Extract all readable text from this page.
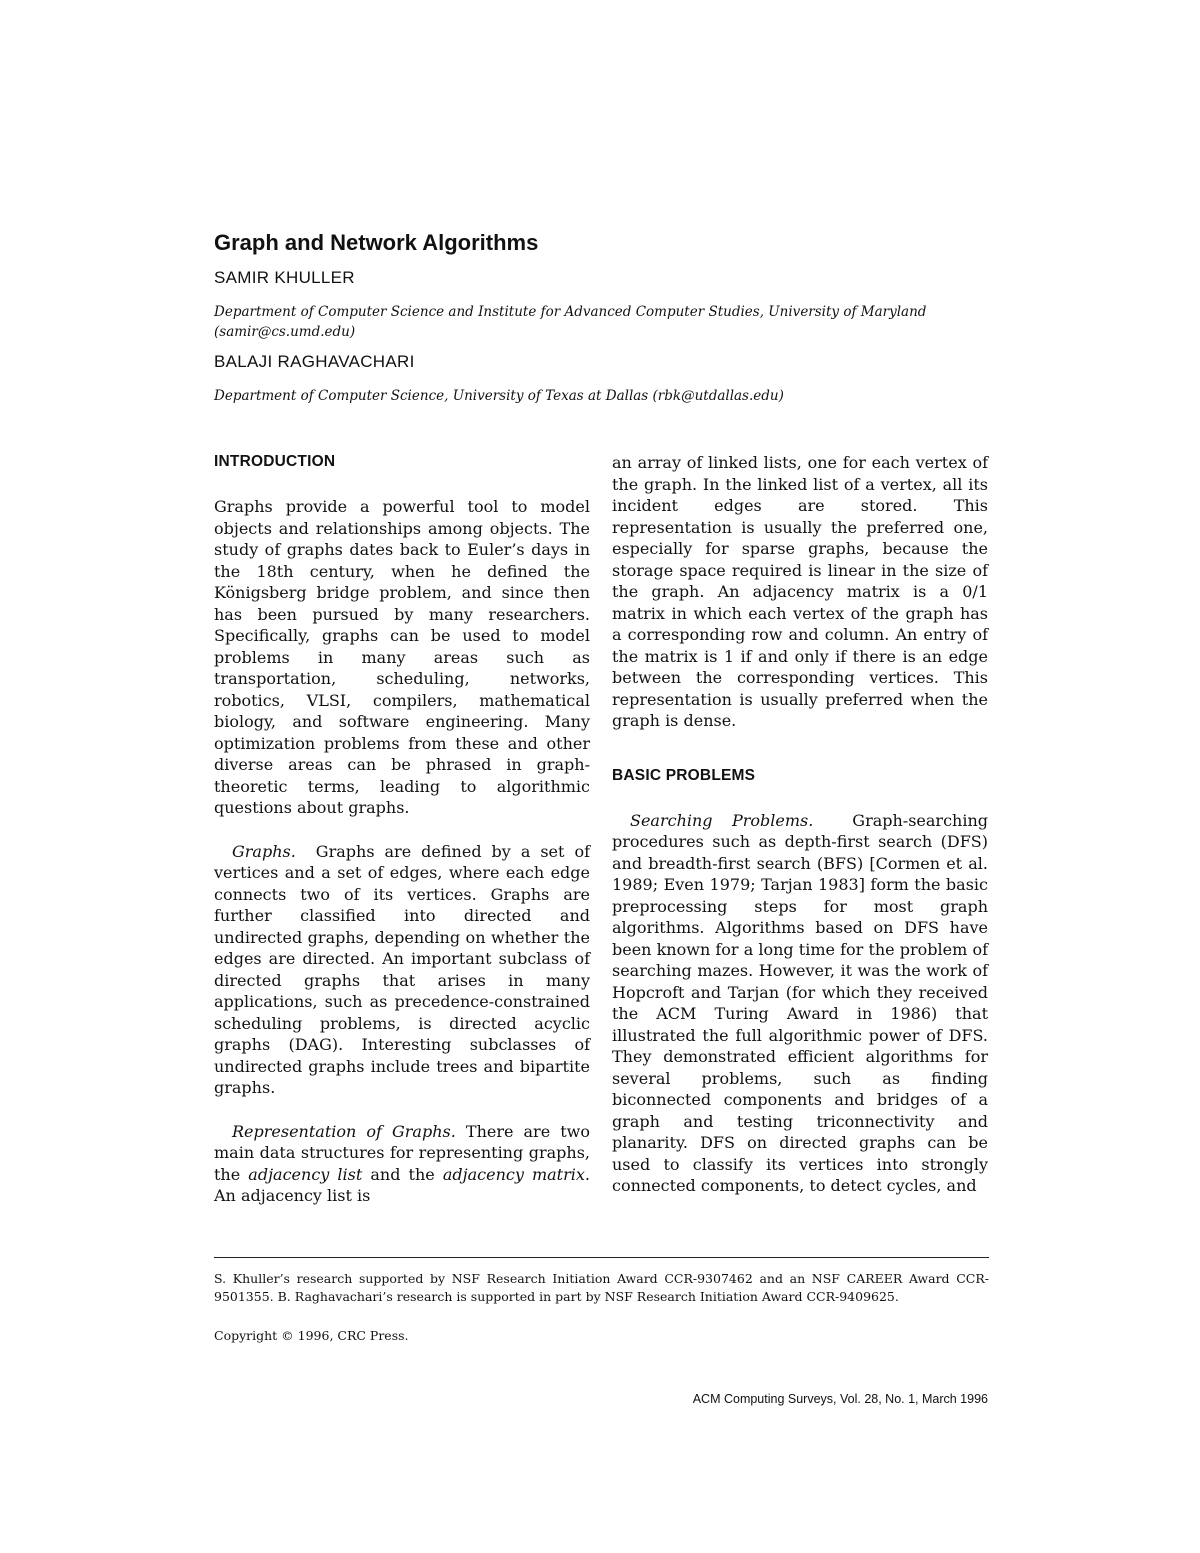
Graph and Network Algorithms

SAMIR KHULLER

Department of Computer Science and Institute for Advanced Computer Studies, University of Maryland (samir@cs.umd.edu)

BALAJI RAGHAVACHARI

Department of Computer Science, University of Texas at Dallas (rbk@utdallas.edu)

INTRODUCTION

Graphs provide a powerful tool to model objects and relationships among objects. The study of graphs dates back to Euler’s days in the 18th century, when he defined the Königsberg bridge problem, and since then has been pursued by many researchers. Specifically, graphs can be used to model problems in many areas such as transportation, scheduling, networks, robotics, VLSI, compilers, mathematical biology, and software engineering. Many optimization problems from these and other diverse areas can be phrased in graph-theoretic terms, leading to algorithmic questions about graphs.

Graphs. Graphs are defined by a set of vertices and a set of edges, where each edge connects two of its vertices. Graphs are further classified into directed and undirected graphs, depending on whether the edges are directed. An important subclass of directed graphs that arises in many applications, such as precedence-constrained scheduling problems, is directed acyclic graphs (DAG). Interesting subclasses of undirected graphs include trees and bipartite graphs.

Representation of Graphs. There are two main data structures for representing graphs, the adjacency list and the adjacency matrix. An adjacency list is

an array of linked lists, one for each vertex of the graph. In the linked list of a vertex, all its incident edges are stored. This representation is usually the preferred one, especially for sparse graphs, because the storage space required is linear in the size of the graph. An adjacency matrix is a 0/1 matrix in which each vertex of the graph has a corresponding row and column. An entry of the matrix is 1 if and only if there is an edge between the corresponding vertices. This representation is usually preferred when the graph is dense.

BASIC PROBLEMS

Searching Problems. Graph-searching procedures such as depth-first search (DFS) and breadth-first search (BFS) [Cormen et al. 1989; Even 1979; Tarjan 1983] form the basic preprocessing steps for most graph algorithms. Algorithms based on DFS have been known for a long time for the problem of searching mazes. However, it was the work of Hopcroft and Tarjan (for which they received the ACM Turing Award in 1986) that illustrated the full algorithmic power of DFS. They demonstrated efficient algorithms for several problems, such as finding biconnected components and bridges of a graph and testing triconnectivity and planarity. DFS on directed graphs can be used to classify its vertices into strongly connected components, to detect cycles, and

S. Khuller’s research supported by NSF Research Initiation Award CCR-9307462 and an NSF CAREER Award CCR-9501355. B. Raghavachari’s research is supported in part by NSF Research Initiation Award CCR-9409625.

Copyright © 1996, CRC Press.

ACM Computing Surveys, Vol. 28, No. 1, March 1996
